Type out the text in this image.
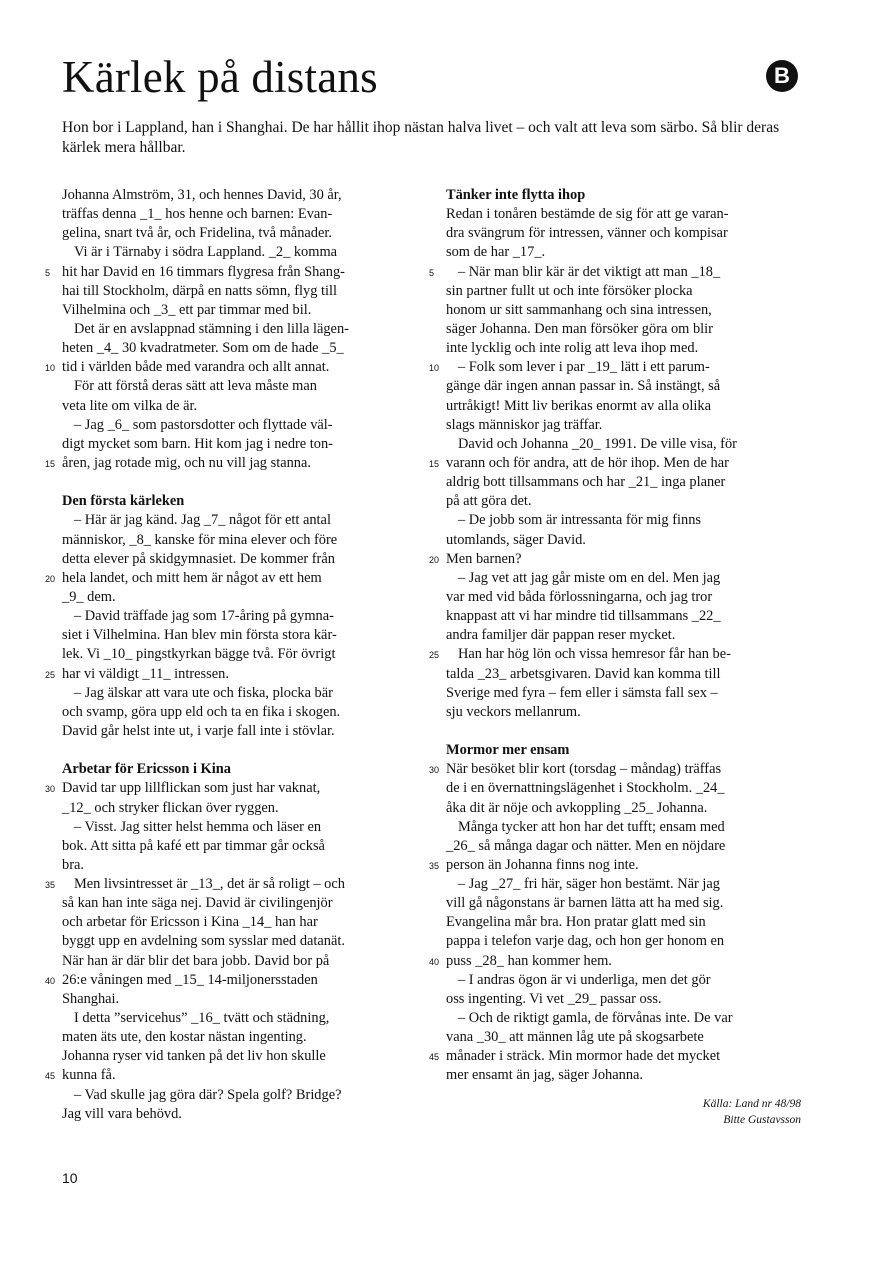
Kärlek på distans	B

Hon bor i Lappland, han i Shanghai. De har hållit ihop nästan halva livet – och valt att leva som särbo. Så blir deras kärlek mera hållbar.

Johanna Almström, 31, och hennes David, 30 år,
träffas denna _1_ hos henne och barnen: Evan-
gelina, snart två år, och Fridelina, två månader.
Vi är i Tärnaby i södra Lappland. _2_ komma
5 hit har David en 16 timmars flygresa från Shang-
hai till Stockholm, därpå en natts sömn, flyg till
Vilhelmina och _3_ ett par timmar med bil.
Det är en avslappnad stämning i den lilla lägen-
heten _4_ 30 kvadratmeter. Som om de hade _5_
10 tid i världen både med varandra och allt annat.
För att förstå deras sätt att leva måste man
veta lite om vilka de är.
– Jag _6_ som pastorsdotter och flyttade väl-
digt mycket som barn. Hit kom jag i nedre ton-
15 åren, jag rotade mig, och nu vill jag stanna.
Den första kärleken
– Här är jag känd. Jag _7_ något för ett antal
människor, _8_ kanske för mina elever och före
detta elever på skidgymnasiet. De kommer från
20 hela landet, och mitt hem är något av ett hem
_9_ dem.
– David träffade jag som 17-åring på gymna-
siet i Vilhelmina. Han blev min första stora kär-
lek. Vi _10_ pingstkyrkan bägge två. För övrigt
25 har vi väldigt _11_ intressen.
– Jag älskar att vara ute och fiska, plocka bär
och svamp, göra upp eld och ta en fika i skogen.
David går helst inte ut, i varje fall inte i stövlar.
Arbetar för Ericsson i Kina
30 David tar upp lillflickan som just har vaknat,
_12_ och stryker flickan över ryggen.
– Visst. Jag sitter helst hemma och läser en
bok. Att sitta på kafé ett par timmar går också
bra.
35 Men livsintresset är _13_, det är så roligt – och
så kan han inte säga nej. David är civilingenjör
och arbetar för Ericsson i Kina _14_ han har
byggt upp en avdelning som sysslar med datanät.
När han är där blir det bara jobb. David bor på
40 26:e våningen med _15_ 14-miljonersstaden
Shanghai.
I detta ”servicehus” _16_ tvätt och städning,
maten äts ute, den kostar nästan ingenting.
Johanna ryser vid tanken på det liv hon skulle
45 kunna få.
– Vad skulle jag göra där? Spela golf? Bridge?
Jag vill vara behövd.
Tänker inte flytta ihop
Redan i tonåren bestämde de sig för att ge varan-
dra svängrum för intressen, vänner och kompisar
som de har _17_.
5 – När man blir kär är det viktigt att man _18_
sin partner fullt ut och inte försöker plocka
honom ur sitt sammanhang och sina intressen,
säger Johanna. Den man försöker göra om blir
inte lycklig och inte rolig att leva ihop med.
10 – Folk som lever i par _19_ lätt i ett parum-
gänge där ingen annan passar in. Så instängt, så
urtråkigt! Mitt liv berikas enormt av alla olika
slags människor jag träffar.
David och Johanna _20_ 1991. De ville visa, för
15 varann och för andra, att de hör ihop. Men de har
aldrig bott tillsammans och har _21_ inga planer
på att göra det.
– De jobb som är intressanta för mig finns
utomlands, säger David.
20 Men barnen?
– Jag vet att jag går miste om en del. Men jag
var med vid båda förlossningarna, och jag tror
knappast att vi har mindre tid tillsammans _22_
andra familjer där pappan reser mycket.
25 Han har hög lön och vissa hemresor får han be-
talda _23_ arbetsgivaren. David kan komma till
Sverige med fyra – fem eller i sämsta fall sex –
sju veckors mellanrum.
Mormor mer ensam
30 När besöket blir kort (torsdag – måndag) träffas
de i en övernattningslägenhet i Stockholm. _24_
åka dit är nöje och avkoppling _25_ Johanna.
Många tycker att hon har det tufft; ensam med
_26_ så många dagar och nätter. Men en nöjdare
35 person än Johanna finns nog inte.
– Jag _27_ fri här, säger hon bestämt. När jag
vill gå någonstans är barnen lätta att ha med sig.
Evangelina mår bra. Hon pratar glatt med sin
pappa i telefon varje dag, och hon ger honom en
40 puss _28_ han kommer hem.
– I andras ögon är vi underliga, men det gör
oss ingenting. Vi vet _29_ passar oss.
– Och de riktigt gamla, de förvånas inte. De var
vana _30_ att männen låg ute på skogsarbete
45 månader i sträck. Min mormor hade det mycket
mer ensamt än jag, säger Johanna.
Källa: Land nr 48/98
Bitte Gustavsson
10
